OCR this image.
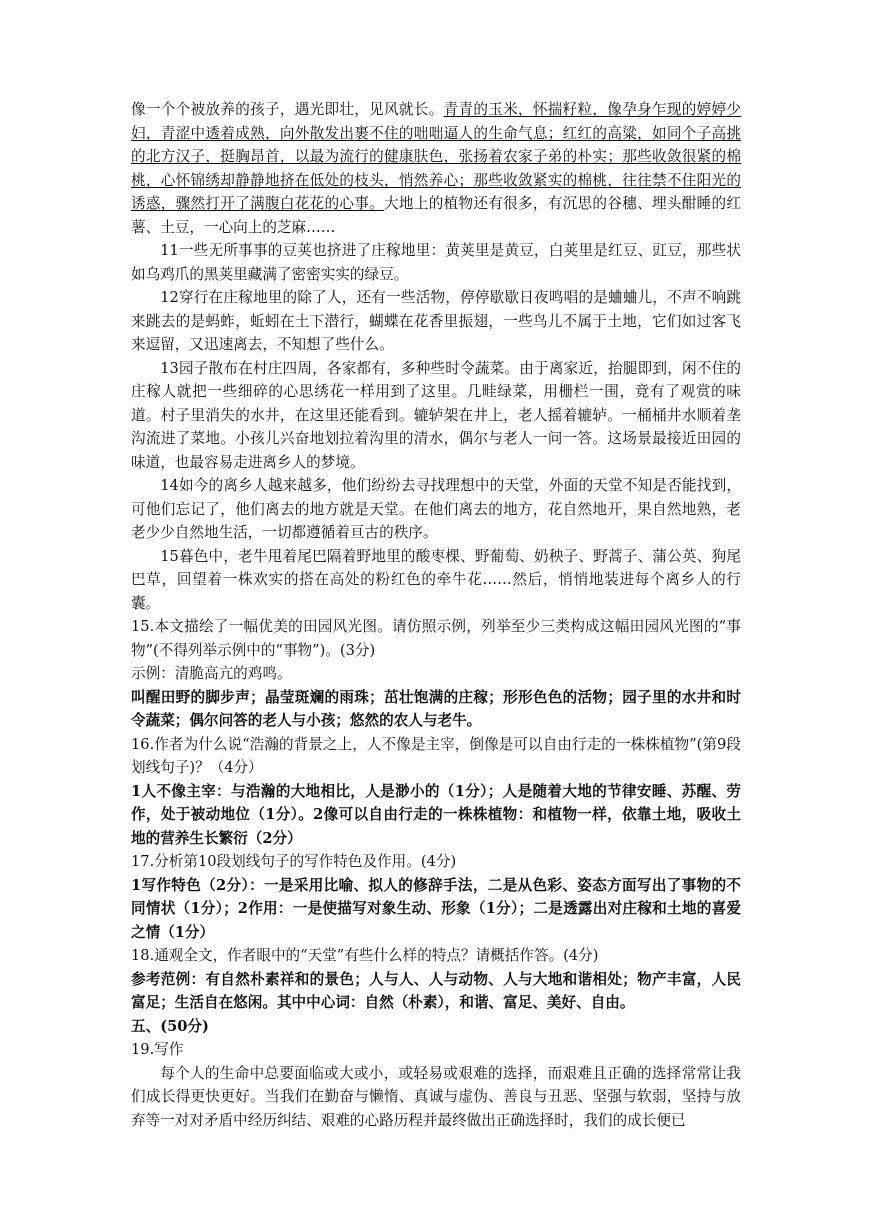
像一个个被放养的孩子，遇光即壮，见风就长。青青的玉米，怀揣籽粒，像孕身乍现的婷婷少妇，青涩中透着成熟，向外散发出裹不住的咄咄逼人的生命气息；红红的高粱，如同个子高挑的北方汉子，挺胸昂首，以最为流行的健康肤色，张扬着农家子弟的朴实；那些收敛很紧的棉桃，心怀锦绣却静静地挤在低处的枝头，悄然养心；那些收敛紧实的棉桃，往往禁不住阳光的诱惑，骤然打开了满腹白花花的心事。大地上的植物还有很多，有沉思的谷穗、埋头酣睡的红薯、土豆，一心向上的芝麻……

11一些无所事事的豆荚也挤进了庄稼地里：黄荚里是黄豆，白荚里是红豆、豇豆，那些状如乌鸡爪的黑荚里藏满了密密实实的绿豆。

12穿行在庄稼地里的除了人，还有一些活物，停停歇歇日夜鸣唱的是蛐蛐儿，不声不响跳来跳去的是蚂蚱，蚯蚓在土下潜行，蝴蝶在花香里振翅，一些鸟儿不属于土地，它们如过客飞来逗留，又迅速离去，不知想了些什么。

13园子散布在村庄四周，各家都有，多种些时令蔬菜。由于离家近，抬腿即到，闲不住的庄稼人就把一些细碎的心思绣花一样用到了这里。几畦绿菜，用栅栏一围，竟有了观赏的味道。村子里消失的水井，在这里还能看到。辘轳架在井上，老人摇着辘轳。一桶桶井水顺着垄沟流进了菜地。小孩儿兴奋地划拉着沟里的清水，偶尔与老人一问一答。这场景最接近田园的味道，也最容易走进离乡人的梦境。

14如今的离乡人越来越多，他们纷纷去寻找理想中的天堂，外面的天堂不知是否能找到，可他们忘记了，他们离去的地方就是天堂。在他们离去的地方，花自然地开，果自然地熟，老老少少自然地生活，一切都遵循着亘古的秩序。

15暮色中，老牛甩着尾巴隔着野地里的酸枣棵、野葡萄、奶秧子、野蒿子、蒲公英、狗尾巴草，回望着一株欢实的搭在高处的粉红色的牵牛花……然后，悄悄地装进每个离乡人的行囊。

15.本文描绘了一幅优美的田园风光图。请仿照示例，列举至少三类构成这幅田园风光图的“事物”(不得列举示例中的“事物”)。(3分)

示例：清脆高亢的鸡鸣。

叫醒田野的脚步声；晶莹斑斓的雨珠；茁壮饱满的庄稼；形形色色的活物；园子里的水井和时令蔬菜；偶尔问答的老人与小孩；悠然的农人与老牛。

16.作者为什么说“浩瀚的背景之上，人不像是主宰，倒像是可以自由行走的一株株植物”(第9段划线句子)？（4分）

1人不像主宰：与浩瀚的大地相比，人是渺小的（1分）；人是随着大地的节律安睡、苏醒、劳作，处于被动地位（1分）。2像可以自由行走的一株株植物：和植物一样，依靠土地，吸收土地的营养生长繁衍（2分）

17.分析第10段划线句子的写作特色及作用。(4分)

1写作特色（2分）：一是采用比喻、拟人的修辞手法，二是从色彩、姿态方面写出了事物的不同情状（1分）；2作用：一是使描写对象生动、形象（1分）；二是透露出对庄稼和土地的喜爱之情（1分）

18.通观全文，作者眼中的“天堂”有些什么样的特点？请概括作答。(4分)

参考范例：有自然朴素祥和的景色；人与人、人与动物、人与大地和谐相处；物产丰富，人民富足；生活自在悠闲。其中中心词：自然（朴素），和谐、富足、美好、自由。

五、(50分)

19.写作

每个人的生命中总要面临或大或小，或轻易或艰难的选择，而艰难且正确的选择常常让我们成长得更快更好。当我们在勤奋与懒惰、真诚与虚伪、善良与丑恶、坚强与软弱，坚持与放弃等一对对矛盾中经历纠结、艰难的心路历程并最终做出正确选择时，我们的成长便已
